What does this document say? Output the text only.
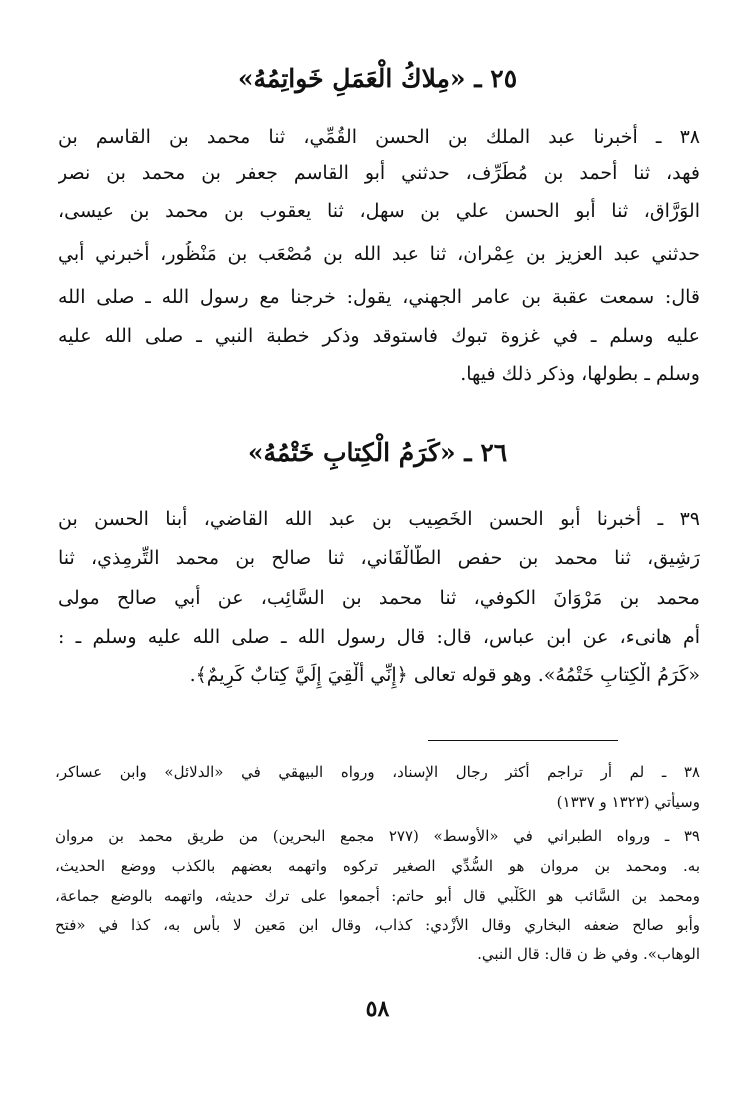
٢٥ ـ «مِلاكُ الْعَمَلِ خَواتِمُهُ»
٣٨ ـ أخبرنا عبد الملك بن الحسن القُمِّي، ثنا محمد بن القاسم بن
فهد، ثنا أحمد بن مُطَرِّف، حدثني أبو القاسم جعفر بن محمد بن نصر
الوَرَّاق، ثنا أبو الحسن علي بن سهل، ثنا يعقوب بن محمد بن عيسى،
حدثني عبد العزيز بن عِمْران، ثنا عبد الله بن مُصْعَب بن مَنْظُور، أخبرني أبي
قال: سمعت عقبة بن عامر الجهني، يقول: خرجنا مع رسول الله ـ صلى الله
عليه وسلم ـ في غزوة تبوك فاستوقد وذكر خطبة النبي ـ صلى الله عليه
وسلم ـ بطولها، وذكر ذلك فيها.
٢٦ ـ «كَرَمُ الْكِتابِ خَتْمُهُ»
٣٩ ـ أخبرنا أبو الحسن الخَصِيب بن عبد الله القاضي، أبنا الحسن بن
رَشِيق، ثنا محمد بن حفص الطَّالْقَاني، ثنا صالح بن محمد التِّرمِذي، ثنا
محمد بن مَرْوَانَ الكوفي، ثنا محمد بن السَّائِب، عن أبي صالح مولى
أم هانىء، عن ابن عباس، قال: قال رسول الله ـ صلى الله عليه وسلم ـ :
«كَرَمُ الْكِتابِ خَتْمُهُ». وهو قوله تعالى ﴿إِنِّي أُلْقِيَ إِلَيَّ كِتابٌ كَرِيمٌ﴾.
٣٨ ـ لم أر تراجم أكثر رجال الإسناد، ورواه البيهقي في «الدلائل» وابن عساكر،
وسيأتي (١٣٢٣ و ١٣٣٧)
٣٩ ـ ورواه الطبراني في «الأوسط» (٢٧٧ مجمع البحرين) من طريق محمد بن مروان
به. ومحمد بن مروان هو السُّدِّي الصغير تركوه واتهمه بعضهم بالكذب ووضع الحديث،
ومحمد بن السَّائب هو الكَلْبي قال أبو حاتم: أجمعوا على ترك حديثه، واتهمه بالوضع جماعة،
وأبو صالح ضعفه البخاري وقال الأَزْدي: كذاب، وقال ابن مَعين لا بأس به، كذا في «فتح
الوهاب». وفي ظ ن قال: قال النبي.
٥٨
